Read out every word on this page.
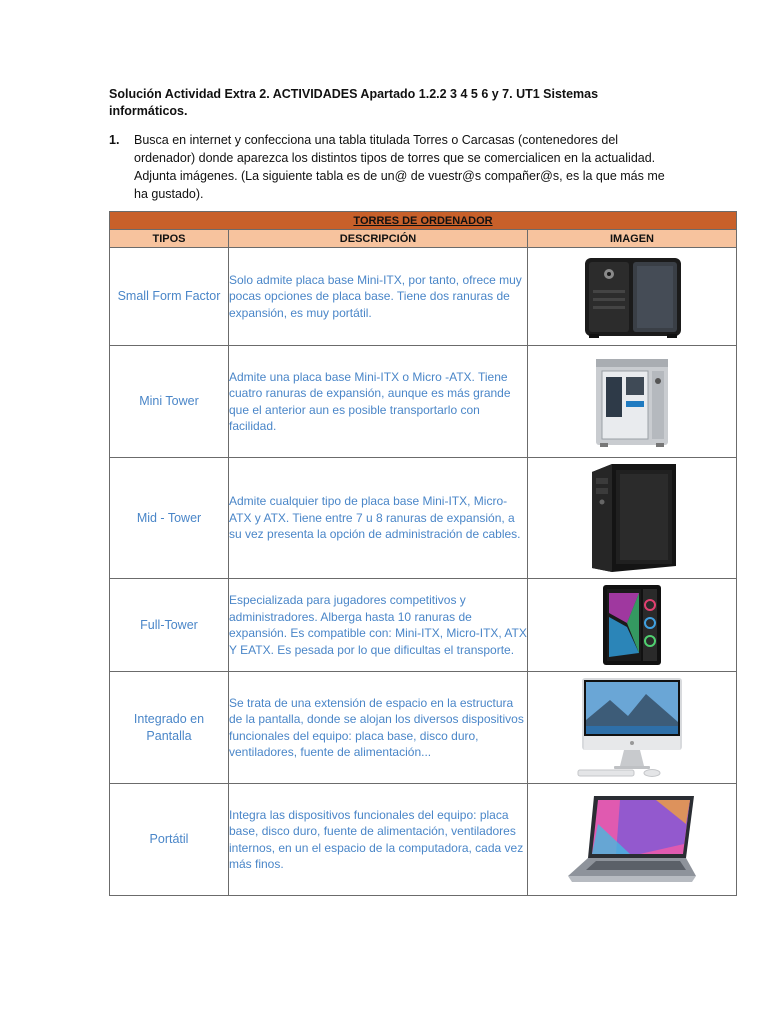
Solución Actividad Extra 2. ACTIVIDADES Apartado 1.2.2 3 4 5 6 y 7. UT1 Sistemas informáticos.
1.	Busca en internet y confecciona una tabla titulada Torres o Carcasas (contenedores del ordenador) donde aparezca los distintos tipos de torres que se comercialicen en la actualidad. Adjunta imágenes. (La siguiente tabla es de un@ de vuestr@s compañer@s, es la que más me ha gustado).
TORRES DE ORDENADOR		
TIPOS	DESCRIPCIÓN	IMAGEN
Small Form Factor	Solo admite placa base Mini-ITX, por tanto, ofrece muy pocas opciones de placa base. Tiene dos ranuras de expansión, es muy portátil.	

Mini Tower	Admite una placa base Mini-ITX o Micro -ATX. Tiene cuatro ranuras de expansión, aunque es más grande que el anterior aun es posible transportarlo con facilidad.	

Mid - Tower	Admite cualquier tipo de placa base Mini-ITX, Micro- ATX y ATX. Tiene entre 7 u 8 ranuras de expansión, a su vez presenta la opción de administración de cables.	

Full-Tower	Especializada para jugadores competitivos y administradores. Alberga hasta 10 ranuras de expansión. Es compatible con: Mini-ITX, Micro-ITX, ATX Y EATX. Es pesada por lo que dificultas el transporte.	

Integrado en Pantalla	Se trata de una extensión de espacio en la estructura de la pantalla, donde se alojan los diversos dispositivos funcionales del equipo: placa base, disco duro, ventiladores, fuente de alimentación...	

Portátil	Integra las dispositivos funcionales del equipo: placa base, disco duro, fuente de alimentación, ventiladores internos, en un el espacio de la computadora, cada vez más finos.	
